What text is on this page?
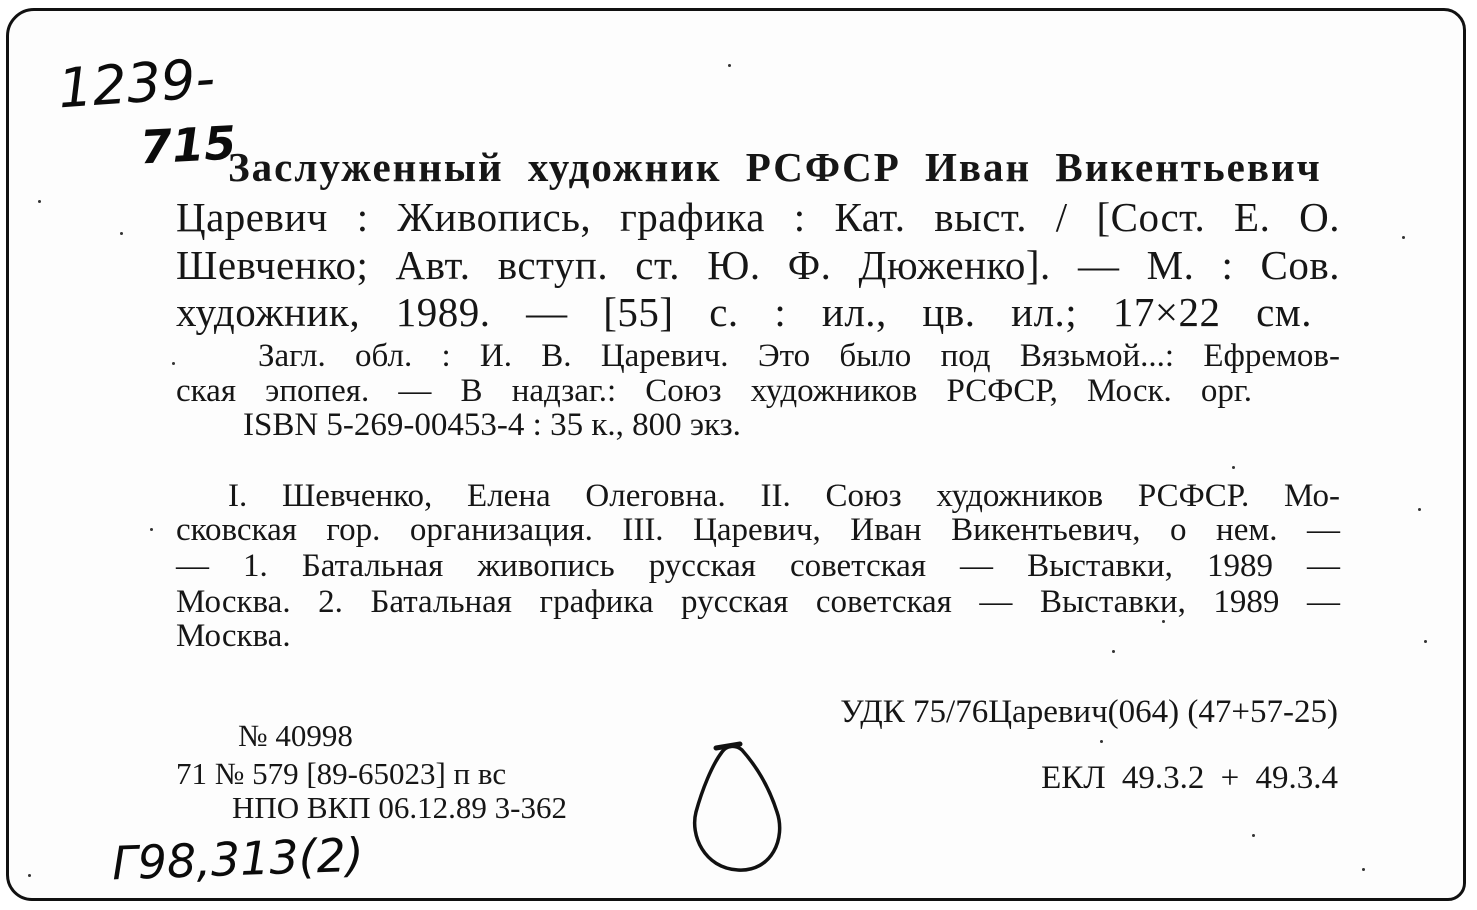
1239-
715
Заслуженный художник РСФСР Иван Викентьевич
Царевич : Живопись, графика : Кат. выст. / [Сост. Е. О.
Шевченко; Авт. вступ. ст. Ю. Ф. Дюженко]. — М. : Сов.
художник, 1989. — [55] с. : ил., цв. ил.; 17×22 см.
Загл. обл. : И. В. Царевич. Это было под Вязьмой...: Ефремов-
ская эпопея. — В надзаг.: Союз художников РСФСР, Моск. орг.
ISBN 5-269-00453-4 : 35 к., 800 экз.
I. Шевченко, Елена Олеговна. II. Союз художников РСФСР. Мо-
сковская гор. организация. III. Царевич, Иван Викентьевич, о нем. —
— 1. Батальная живопись русская советская — Выставки, 1989 —
Москва. 2. Батальная графика русская советская — Выставки, 1989 —
Москва.
УДК 75/76Царевич(064) (47+57-25)
ЕКЛ 49.3.2 + 49.3.4
№ 40998
71 № 579 [89-65023] п вс
НПО ВКП 06.12.89 3-362
Г98,313(2)
